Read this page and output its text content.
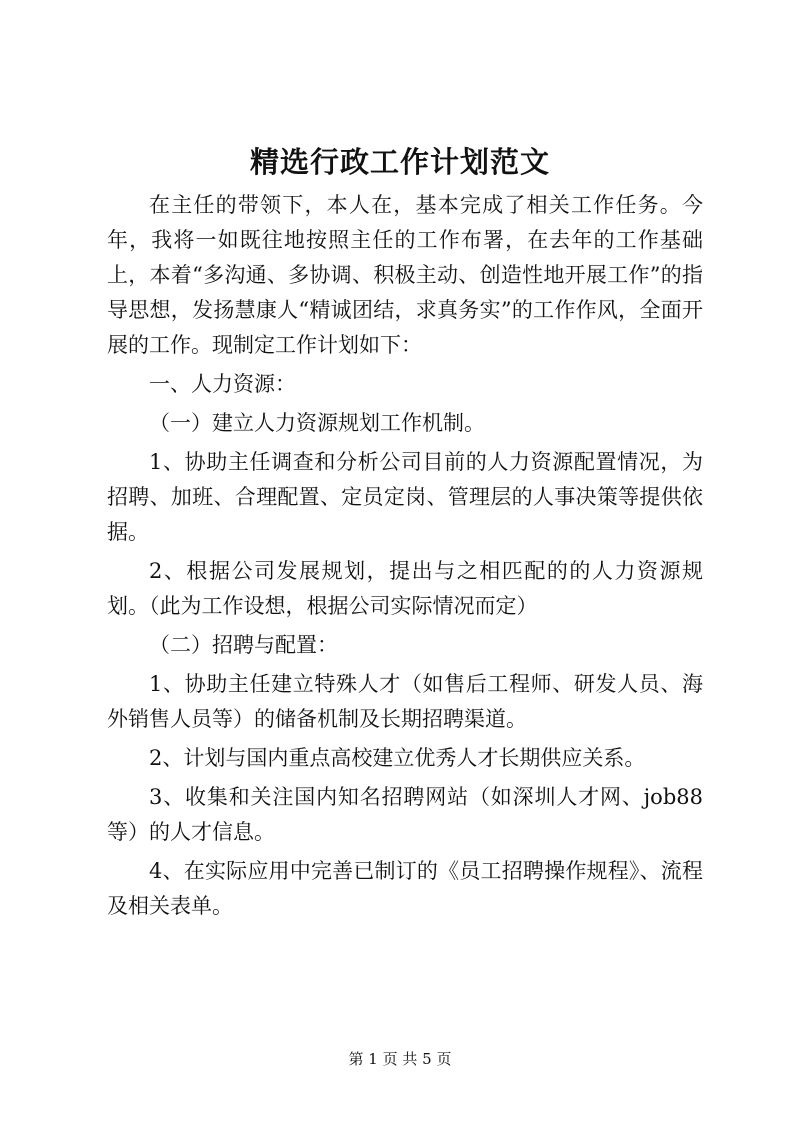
精选行政工作计划范文

在主任的带领下，本人在，基本完成了相关工作任务。今年，我将一如既往地按照主任的工作布署，在去年的工作基础上，本着“多沟通、多协调、积极主动、创造性地开展工作”的指导思想，发扬慧康人“精诚团结，求真务实”的工作作风，全面开展的工作。现制定工作计划如下：

一、人力资源：

（一）建立人力资源规划工作机制。

1、协助主任调查和分析公司目前的人力资源配置情况，为招聘、加班、合理配置、定员定岗、管理层的人事决策等提供依据。

2、根据公司发展规划，提出与之相匹配的的人力资源规划。（此为工作设想，根据公司实际情况而定）

（二）招聘与配置：

1、协助主任建立特殊人才（如售后工程师、研发人员、海外销售人员等）的储备机制及长期招聘渠道。

2、计划与国内重点高校建立优秀人才长期供应关系。

3、收集和关注国内知名招聘网站（如深圳人才网、job88等）的人才信息。

4、在实际应用中完善已制订的《员工招聘操作规程》、流程及相关表单。

第 1 页 共 5 页
